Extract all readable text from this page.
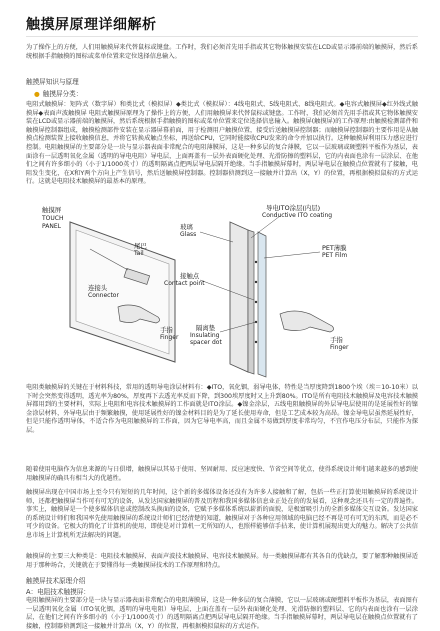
触摸屏原理详细解析
为了操作上的方便，人们用触摸屏来代替鼠标或键盘。工作时，我们必须首先用手指或其它物体触摸安装在LCD或显示器前端的触摸屏，然后系统根据手指触摸的图标或菜单位置来定位选择信息输入。
触摸屏知识与原理
● 触摸屏分类：
电阻式触摸屏：矩阵式（数字屏）和类比式（模拟屏）◆类比式（模拟屏）：4线电阻式、5线电阻式、8线电阻式。◆电容式触摸屏◆红外线式触摸屏◆表面声波触摸屏 电阻式触摸屏原理为了操作上的方便，人们用触摸屏来代替鼠标或键盘。工作时，我们必须首先用手指或其它物体触摸安装在LCD或显示器前端的触摸屏，然后系统根据手指触摸的图标或菜单位置来定位选择信息输入。触摸屏(触摸屏)的工作原理:由触摸检测部件和触摸屏控制器组成，触摸检测部件安装在显示器屏幕前面，用于检测用户触摸位置，接受后送触摸屏控制器；而触摸屏控制器的主要作用是从触摸点检测装置上接收触摸信息，并将它转换成触点坐标，再送给CPU，它同时能接收CPU发来的命令并加以执行。这种触摸屏利用压力感应进行控制。电阻触摸屏的主要部分是一块与显示器表面非常配合的电阻薄膜屏，这是一种多层的复合薄膜，它以一层玻璃或硬塑料平板作为基层，表面涂有一层透明氧化金属（透明的导电电阻）导电层，上面再盖有一层外表面硬化处理、光滑防擦的塑料层，它的内表面也涂有一层涂层、在他们之间有许多细小的（小于1/1000英寸）的透明隔离点把两层导电层隔开绝缘。当手指触摸屏幕时，两层导电层在触摸点位置就有了接触，电阻发生变化，在X和Y两个方向上产生信号，然后送触摸屏控制器。控制器侦测到这一接触并计算出（X，Y）的位置，再根据模拟鼠标的方式运行。这就是电阻技术触摸屏的最基本的原理。
触摸屏
TOUCH
PANEL
尾巴
Tail
连接头
Connector
手指
Finger
导电ITO涂层(内层)
Conductive ITO coating
玻璃
Glass
PET薄膜
PET Film
接触点
Contact point
隔离垫
Insulating
spacer dot	手指
Finger
电阻类触摸屏的关键在于材料科技，常用的透明导电涂层材料有：◆ITO，氧化铟，弱导电体，特性是当厚度降到1800个埃（埃＝10-10米）以下时会突然变得透明，透光率为80%，厚度再下去透光率反而下降，到300埃厚度时又上升到80%。ITO是所有电阻技术触摸屏及电容技术触摸屏都用到的主要材料，实际上电阻和电容技术触摸屏的工作面就是ITO涂层。◆镍金涂层，五线电阻触摸屏的外层导电层使用的是延展性好的镍金涂层材料，外导电层由于频繁触摸，使用延展性好的镍金材料目的是为了延长使用寿命，但是工艺成本较为高昂。镍金导电层虽然延展性好，但是只能作透明导体，不适合作为电阻触摸屏的工作面，因为它导电率高，而且金属不易做到厚度非常均匀，不宜作电压分布层，只能作为探层。
随着使用电脑作为信息来源的与日俱增，触摸屏以其易于使用、坚固耐用、反应速度快、节省空间等优点，使得系统设计师们越来越多的感到使用触摸屏的确具有相当大的优越性。
触摸屏出现在中国市场上至今只有短短的几年时间，这个新的多媒体设备还没有为许多人接触和了解，包括一些正打算使用触摸屏的系统设计师，还都把触摸屏当作可有可无的设备，从发达国家触摸屏的普及历程和我国多媒体信息业正处在的的发展看，这种观念还具有一定的普遍性。事实上，触摸屏是一个使多媒体信息或控制改头换面的设备，它赋予多媒体系统以崭新的面貌，是极富吸引力的全新多媒体交互设备。发达国家的系统设计师们和我国率先使用触摸屏的系统设计师们已经清楚的知道，触摸屏对于各种应用领域的电脑已经不再是可有可无的东西，而是必不可少的设备。它极大的简化了计算机的使用，即使是对计算机一无所知的人，也照样能够信手拈来，使计算机展现出更大的魅力。解决了公共信息市场上计算机所无法解决的问题。
触摸屏的主要三大种类是：电阻技术触摸屏、表面声波技术触摸屏、电容技术触摸屏。每一类触摸屏都有其各自的优缺点，要了解那种触摸屏适用于那种场合，关键就在于要懂得每一类触摸屏技术的工作原理和特点。
触摸屏技术原理介绍
A：电阻技术触摸屏：
电阻触摸屏的主要部分是一块与显示器表面非常配合的电阻薄膜屏，这是一种多层的复合薄膜，它以一层玻璃或硬塑料平板作为基层，表面图有一层透明氧化金属（ITO氧化铟，透明的导电电阻）导电层，上面在盖有一层外表面硬化处理、光滑防擦的塑料层、它的内表面也涂有一层涂层，在他们之间有许多细小的（小于1/1000英寸）的透明隔离点把两层导电层隔开绝缘。当手指触摸屏幕时，两层导电层在触摸点位置就有了接触，控制器侦测到这一接触并计算出（X，Y）的位置，再根据模拟鼠标的方式运作。
